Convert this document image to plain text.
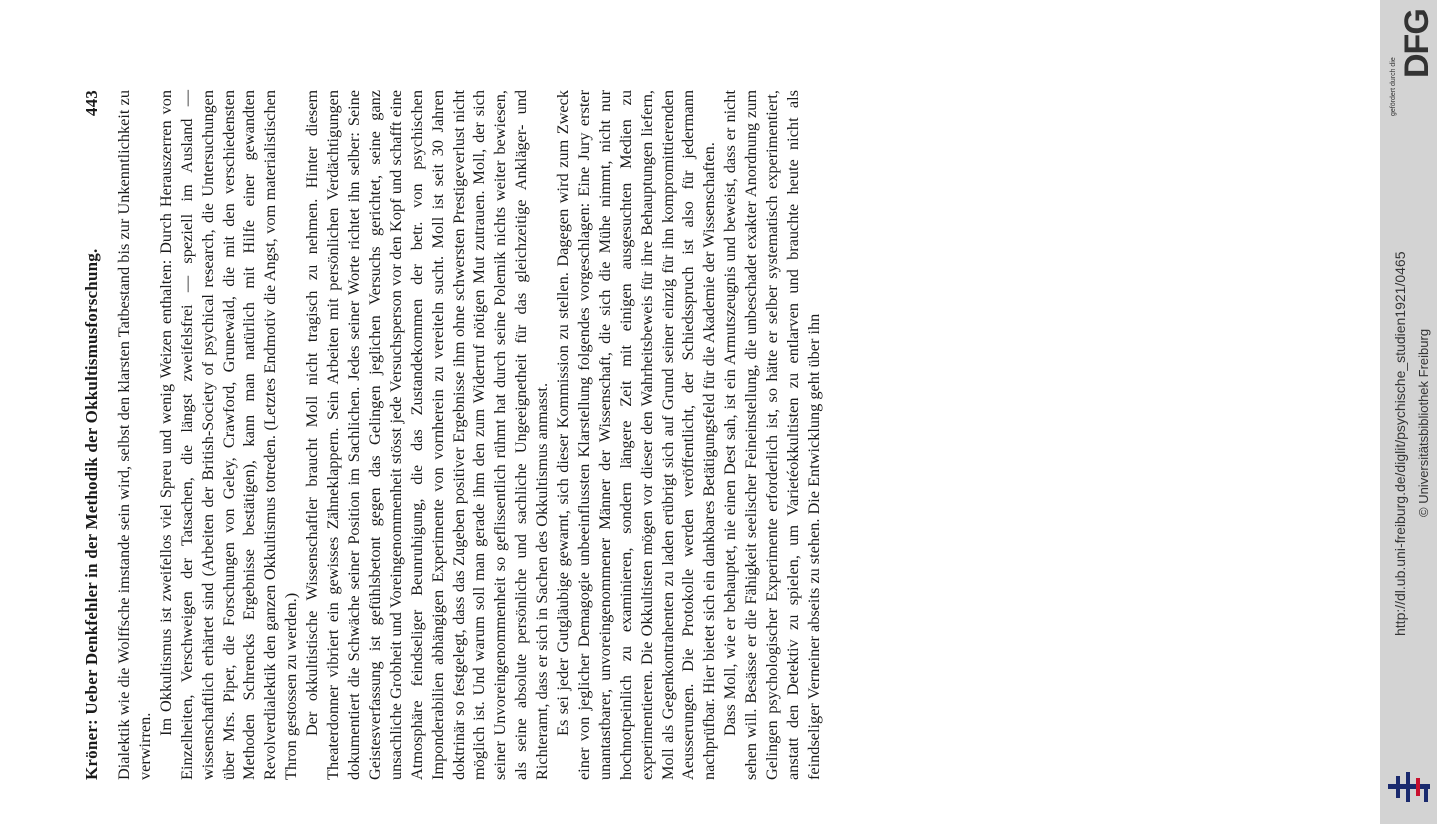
Kröner: Ueber Denkfehler in der Methodik der Okkultismusforschung.
443 Dialektik wie die Wolffsche imstande sein wird, selbst den klarsten Tatbestand bis zur Unkenntlichkeit zu verwirren.

Im Okkultismus ist zweifellos viel Spreu und wenig Weizen enthalten: Durch Herauszerren von Einzelheiten, Verschweigen der Tatsachen, die längst zweifelsfrei — speziell im Ausland — wissenschaftlich erhärtet sind (Arbeiten der British-Society of psychical research, die Untersuchungen über Mrs. Piper, die Forschungen von Geley, Crawford, Grunewald, die mit den verschiedensten Methoden Schrencks Ergebnisse bestätigen), kann man natürlich mit Hilfe einer gewandten Revolverdialektik den ganzen Okkultismus totreden. (Letztes Endmotiv die Angst, vom materialistischen Thron gestossen zu werden.) Der okkultistische Wissenschaftler braucht Moll nicht tragisch zu nehmen. Hinter diesem Theaterdonner vibriert ein gewisses Zähneklappern. Sein Arbeiten mit persönlichen Verdächtigungen dokumentiert die Schwäche seiner Position im Sachlichen. Jedes seiner Worte richtet ihn selber: Seine Geistesverfassung ist gefühlsbetont gegen das Gelingen jeglichen Versuchs gerichtet, seine ganz unsachliche Grobheit und Voreingenommenheit stösst jede Versuchsperson vor den Kopf und schafft eine Atmosphäre feindseliger Beunruhigung, die das Zustandekommen der betr. von psychischen Imponderabilien abhängigen Experimente von vornherein zu vereiteln sucht. Moll ist seit 30 Jahren doktrinär so festgelegt, dass das Zugeben positiver Ergebnisse ihm ohne schwersten Prestigeverlust nicht möglich ist. Und warum soll man gerade ihm den zum Widerruf nötigen Mut zutrauen. Moll, der sich seiner Unvoreingenommenheit so geflissentlich rühmt hat durch seine Polemik nichts weiter bewiesen, als seine absolute persönliche und sachliche Ungeeignetheit für das gleichzeitige Ankläger- und Richteramt, dass er sich in Sachen des Okkultismus anmasst. Es sei jeder Gutgläubige gewarnt, sich dieser Kommission zu stellen. Dagegen wird zum Zweck einer von jeglicher Demagogie unbeeinflussten Klarstellung folgendes vorgeschlagen: Eine Jury erster unantastbarer, unvoreingenommener Männer der Wissenschaft, die sich die Mühe nimmt, nicht nur hochnotpeinlich zu examinieren, sondern längere Zeit mit einigen ausgesuchten Medien zu experimentieren. Die Okkultisten mögen vor dieser den Wahrheitsbeweis für ihre Behauptungen liefern, Moll als Gegenkontrahenten zu laden erübrigt sich auf Grund seiner einzig für ihn kompromittierenden Aeusserungen. Die Protokolle werden veröffentlicht, der Schiedsspruch ist also für jedermann nachprüfbar. Hier bietet sich ein dankbares Betätigungsfeld für die Akademie der Wissenschaften. Dass Moll, wie er behauptet, nie einen Dest sah, ist ein Armutszeugnis und beweist, dass er nicht sehen will. Besässe er die Fähigkeit seelischer Feineinstellung, die unbeschadet exakter Anordnung zum Gelingen psychologischer Experimente erforderlich ist, so hätte er selber systematisch experimentiert, anstatt den Detektiv zu spielen, um Varietéokkultisten zu entlarven und brauchte heute nicht als feindseliger Verneiner abseits zu stehen. Die Entwicklung geht über ihn

DFG
gefördert durch die
http://dl.ub.uni-freiburg.de/diglit/psychische_studien1921/0465 © Universitätsbibliothek Freiburg
